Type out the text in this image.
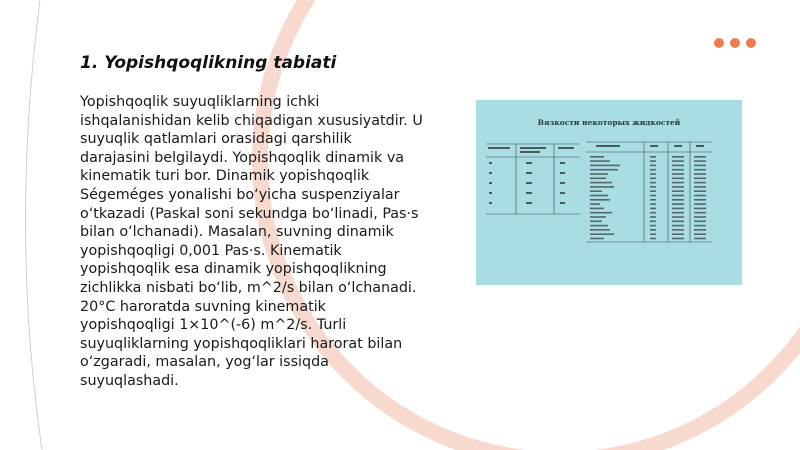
1. Yopishqoqlikning tabiati

Yopishqoqlik suyuqliklarning ichki ishqalanishidan kelib chiqadigan xususiyatdir. U suyuqlik qatlamlari orasidagi qarshilik darajasini belgilaydi. Yopishqoqlik dinamik va kinematik turi bor. Dinamik yopishqoqlik Ségeméges yonalishi bo‘yicha suspenziyalar o‘tkazadi (Paskal soni sekundga bo‘linadi, Pas·s bilan o‘lchanadi). Masalan, suvning dinamik yopishqoqligi 0,001 Pas·s. Kinematik yopishqoqlik esa dinamik yopishqoqlikning zichlikka nisbati bo‘lib, m^2/s bilan o‘lchanadi. 20°C haroratda suvning kinematik yopishqoqligi 1×10^(-6) m^2/s. Turli suyuqliklarning yopishqoqliklari harorat bilan o‘zgaradi, masalan, yog‘lar issiqda suyuqlashadi.

Вязкости некоторых жидкостей
